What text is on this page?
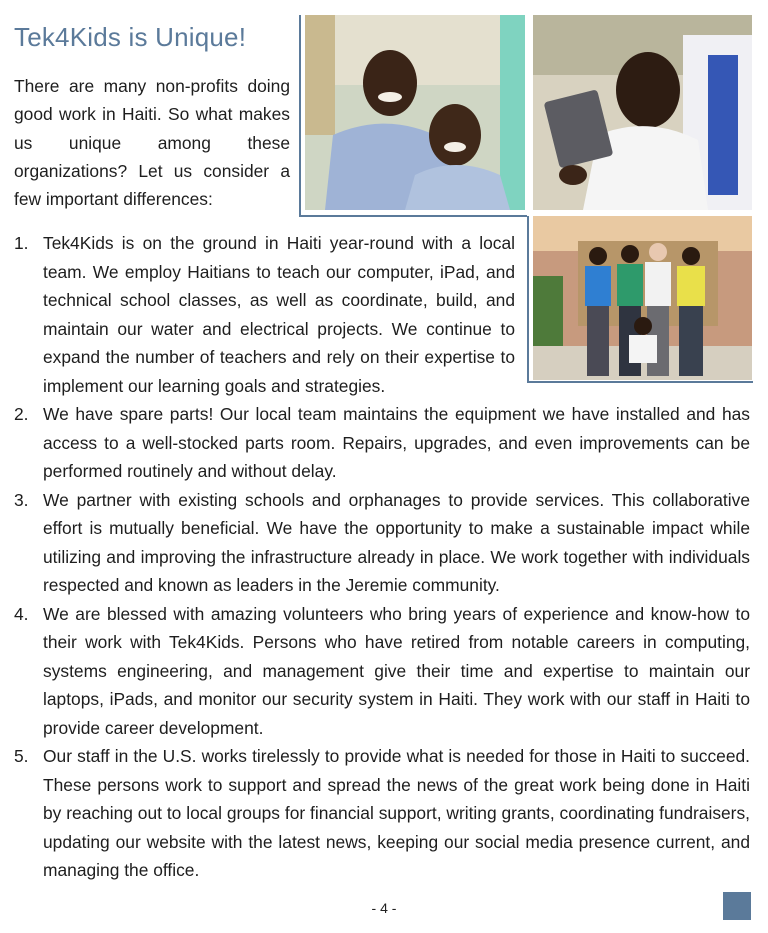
Tek4Kids is Unique!

There are many non-profits doing good work in Haiti. So what makes us unique among these organizations? Let us consider a few important differences:

1. Tek4Kids is on the ground in Haiti year-round with a local team. We employ Haitians to teach our computer, iPad, and technical school classes, as well as coordinate, build, and maintain our water and electrical projects. We continue to expand the number of teachers and rely on their expertise to implement our learning goals and strategies.
2. We have spare parts! Our local team maintains the equipment we have installed and has access to a well-stocked parts room. Repairs, upgrades, and even improvements can be performed routinely and without delay.
3. We partner with existing schools and orphanages to provide services. This collaborative effort is mutually beneficial. We have the opportunity to make a sustainable impact while utilizing and improving the infrastructure already in place. We work together with individuals respected and known as leaders in the Jeremie community.
4. We are blessed with amazing volunteers who bring years of experience and know-how to their work with Tek4Kids. Persons who have retired from notable careers in computing, systems engineering, and management give their time and expertise to maintain our laptops, iPads, and monitor our security system in Haiti. They work with our staff in Haiti to provide career development.
5. Our staff in the U.S. works tirelessly to provide what is needed for those in Haiti to succeed. These persons work to support and spread the news of the great work being done in Haiti by reaching out to local groups for financial support, writing grants, coordinating fundraisers, updating our website with the latest news, keeping our social media presence current, and managing the office.
- 4 -
